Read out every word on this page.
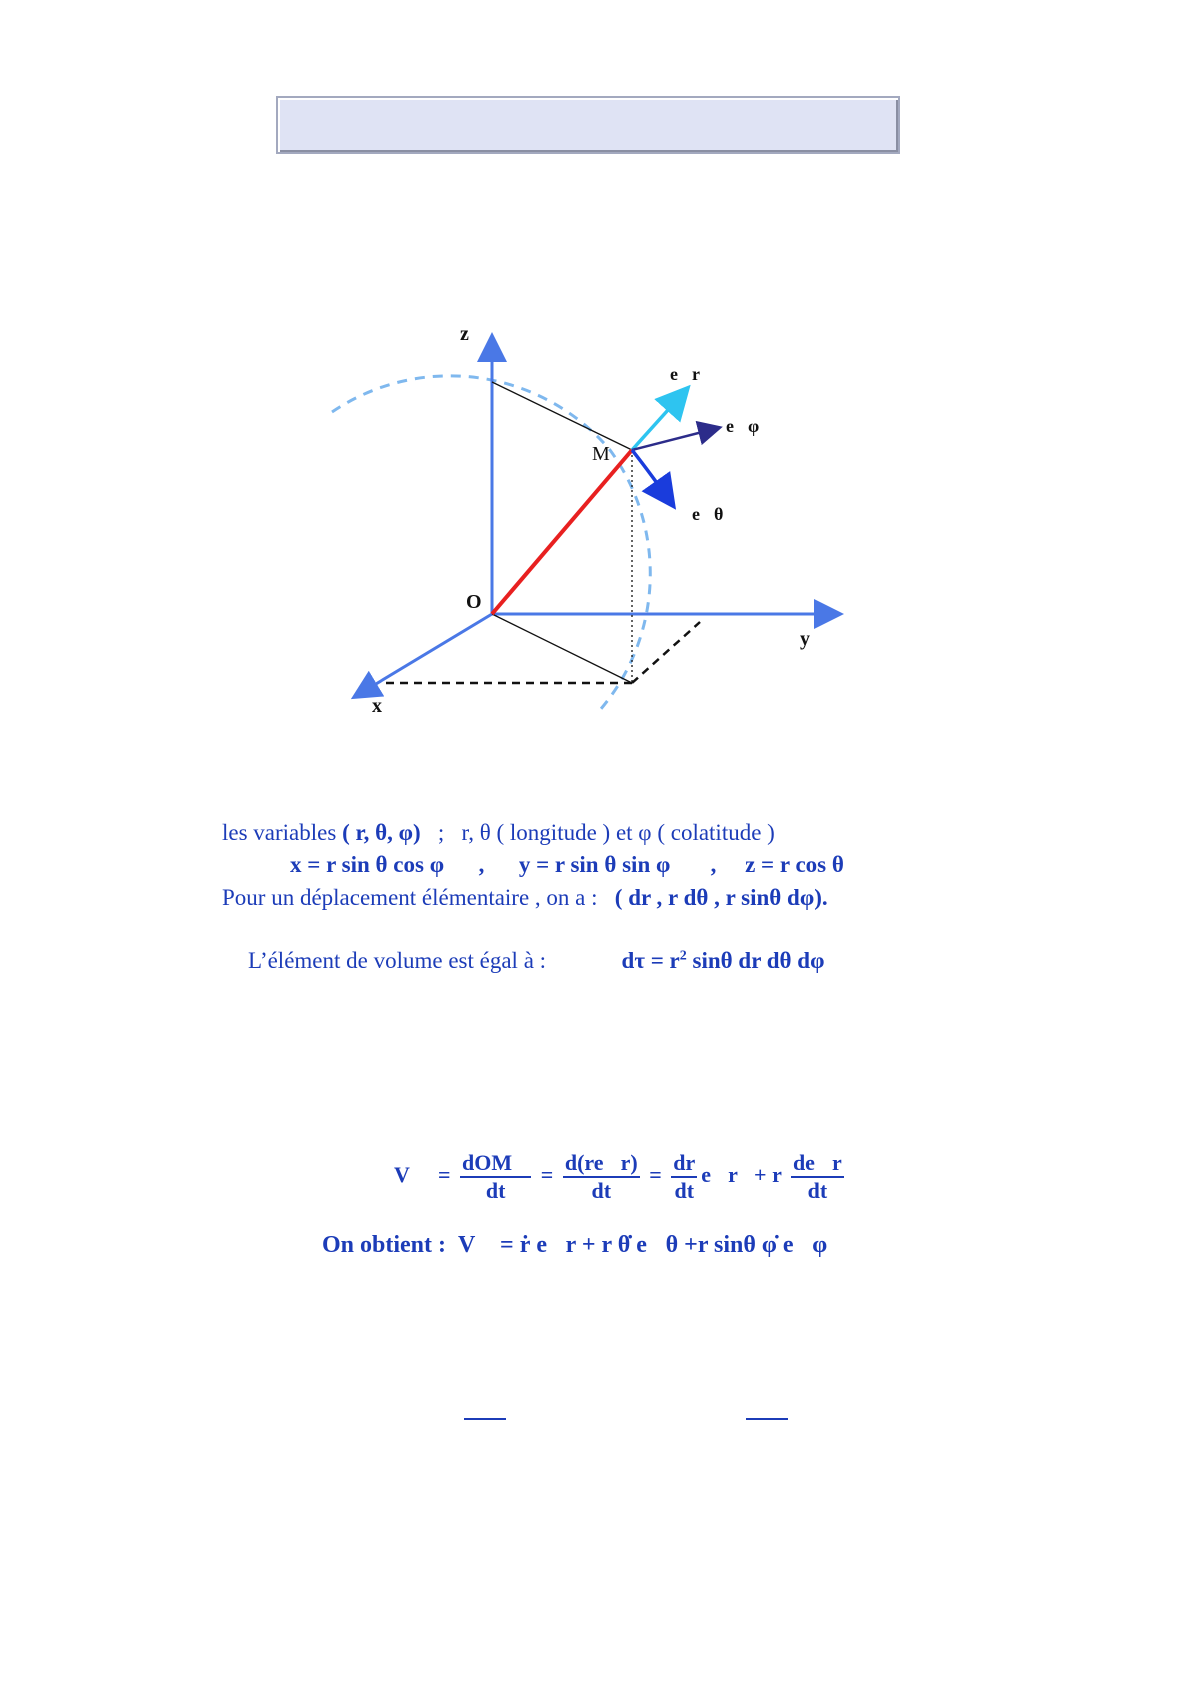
z
y
x
O
M
e⃗r
e⃗φ
e⃗θ
les variables ( r, θ, φ) ; r, θ ( longitude ) et φ ( colatitude )
x = r sin θ cos φ , y = r sin θ sin φ , z = r cos θ
Pour un déplacement élémentaire , on a : ( dr , r dθ , r sinθ dφ).
L’élément de volume est égal à :	$d\tau = r^2$ sinθ dr dθ dφ
V⃗ = $\frac{\text{dOM⃗}}{dt} = \frac{d(re⃗r)}{dt} = \frac{dr}{dt}$ e⃗r + r $\frac{de⃗r}{dt}$
On obtient : V⃗ = ṙ e⃗r + r θ̇ e⃗θ +r sinθ φ̇ e⃗φ
